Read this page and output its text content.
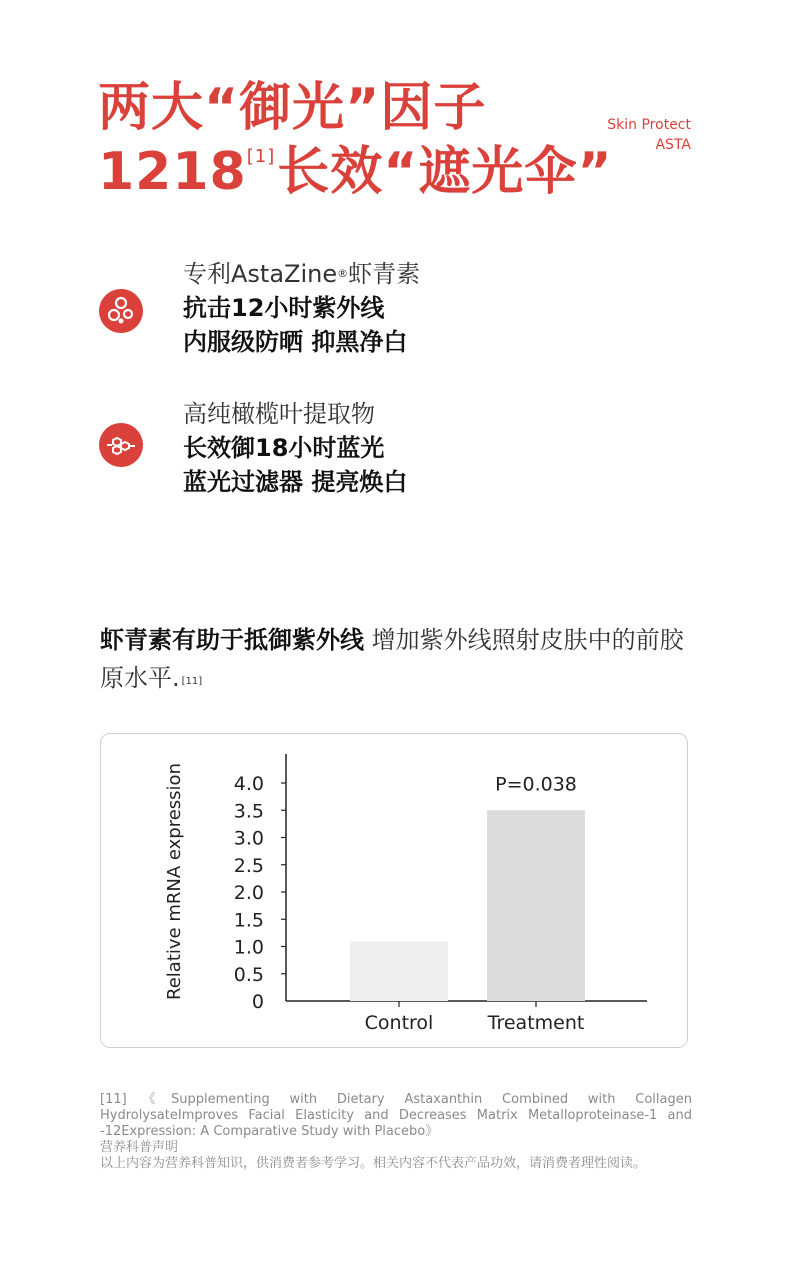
两大“御光”因子
1218[1]长效“遮光伞”
Skin Protect
ASTA
专利AstaZine®虾青素
抗击12小时紫外线
内服级防晒 抑黑净白
高纯橄榄叶提取物
长效御18小时蓝光
蓝光过滤器 提亮焕白
虾青素有助于抵御紫外线 增加紫外线照射皮肤中的前胶原水平. [11]
0
0.5
1.0
1.5
2.0
2.5
3.0
3.5
4.0
Relative mRNA expression
Control	Treatment
P=0.038
[11]《Supplementing with Dietary Astaxanthin Combined with Collagen HydrolysateImproves Facial Elasticity and Decreases Matrix Metalloproteinase-1 and -12Expression: A Comparative Study with Placebo》
营养科普声明
以上内容为营养科普知识，供消费者参考学习。相关内容不代表产品功效，请消费者理性阅读。
